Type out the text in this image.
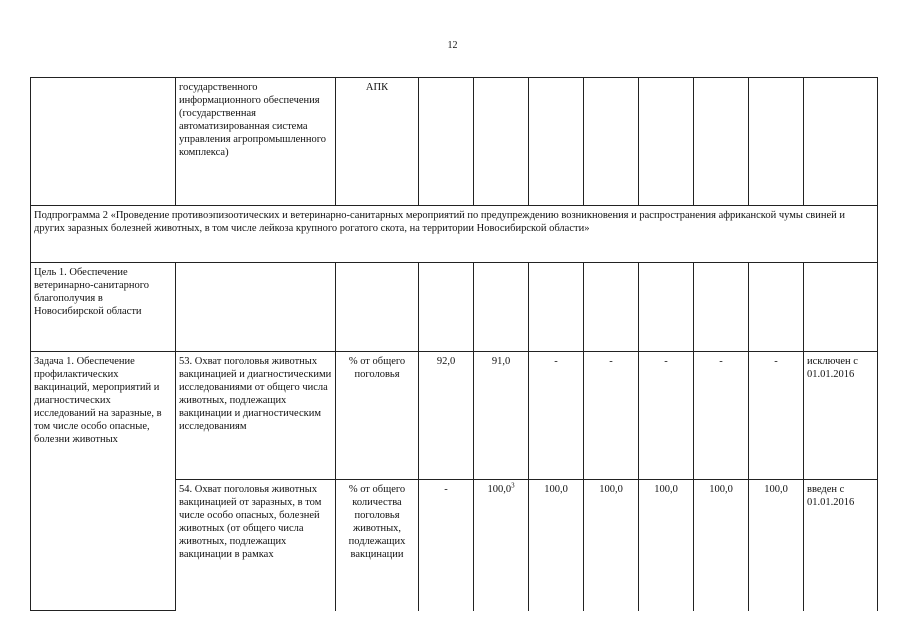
12
	государственного информационного обеспечения (государственная автоматизированная система управления агропромышленного комплекса)	АПК								
Подпрограмма 2 «Проведение противоэпизоотических и ветеринарно-санитарных мероприятий по предупреждению возникновения и распространения африканской чумы свиней и других заразных болезней животных, в том числе лейкоза крупного рогатого скота, на территории Новосибирской области»										
Цель 1. Обеспечение ветеринарно-санитарного благополучия в Новосибирской области										
Задача 1. Обеспечение профилактических вакцинаций, мероприятий и диагностических исследований на заразные, в том числе особо опасные, болезни животных	53. Охват поголовья животных вакцинацией и диагностическими исследованиями от общего числа животных, подлежащих вакцинации и диагностическим исследованиям	% от общего поголовья	92,0	91,0	-	-	-	-	-	исключен с 01.01.2016
	54. Охват поголовья животных вакцинацией от заразных, в том числе особо опасных, болезней животных (от общего числа животных, подлежащих вакцинации в рамках	% от общего количества поголовья животных, подлежащих вакцинации	-	100,0$^3$	100,0	100,0	100,0	100,0	100,0	введен с 01.01.2016
